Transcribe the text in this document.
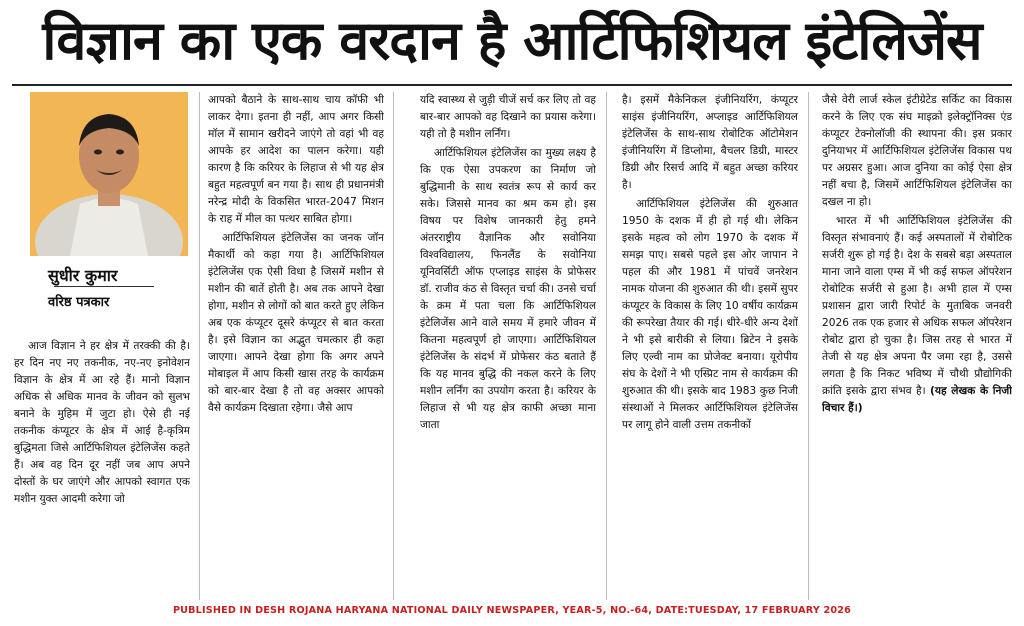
विज्ञान का एक वरदान है आर्टिफिशियल इंटेलिजेंस
सुधीर कुमार
वरिष्ठ पत्रकार

आज विज्ञान ने हर क्षेत्र में तरक्की की है। हर दिन नए नए तकनीक, नए-नए इनोवेशन विज्ञान के क्षेत्र में आ रहे हैं। मानो विज्ञान अधिक से अधिक मानव के जीवन को सुलभ बनाने के मुहिम में जुटा हो। ऐसे ही नई तकनीक कंप्यूटर के क्षेत्र में आई है-कृत्रिम बुद्धिमता जिसे आर्टिफिशियल इंटेलिजेंस कहते हैं। अब वह दिन दूर नहीं जब आप अपने दोस्तों के घर जाएंगे और आपको स्वागत एक मशीन युक्त आदमी करेगा जो

आपको बैठाने के साथ-साथ चाय कॉफी भी लाकर देगा। इतना ही नहीं, आप अगर किसी मॉल में सामान खरीदने जाएंगे तो वहां भी वह आपके हर आदेश का पालन करेगा। यही कारण है कि करियर के लिहाज से भी यह क्षेत्र बहुत महत्वपूर्ण बन गया है। साथ ही प्रधानमंत्री नरेन्द्र मोदी के विकसित भारत-2047 मिशन के राह में मील का पत्थर साबित होगा।

आर्टिफिशियल इंटेलिजेंस का जनक जॉन मैकार्थी को कहा गया है। आर्टिफिशियल इंटेलिजेंस एक ऐसी विधा है जिसमें मशीन से मशीन की बातें होती है। अब तक आपने देखा होगा, मशीन से लोगों को बात करते हुए लेकिन अब एक कंप्यूटर दूसरे कंप्यूटर से बात करता है। इसे विज्ञान का अद्भुत चमत्कार ही कहा जाएगा। आपने देखा होगा कि अगर अपने मोबाइल में आप किसी खास तरह के कार्यक्रम को बार-बार देखा है तो वह अक्सर आपको वैसे कार्यक्रम दिखाता रहेगा। जैसे आप

यदि स्वास्थ्य से जुड़ी चीजें सर्च कर लिए तो वह बार-बार आपको वह दिखाने का प्रयास करेगा। यही तो है मशीन लर्निंग।

आर्टिफिशियल इंटेलिजेंस का मुख्य लक्ष्य है कि एक ऐसा उपकरण का निर्माण जो बुद्धिमानी के साथ स्वतंत्र रूप से कार्य कर सके। जिससे मानव का श्रम कम हो। इस विषय पर विशेष जानकारी हेतु हमने अंतरराष्ट्रीय वैज्ञानिक और सवोनिया विश्वविद्यालय, फिनलैंड के सवोनिया यूनिवर्सिटी ऑफ एप्लाइड साइंस के प्रोफेसर डॉ. राजीव कंठ से विस्तृत चर्चा की। उनसे चर्चा के क्रम में पता चला कि आर्टिफिशियल इंटेलिजेंस आने वाले समय में हमारे जीवन में कितना महत्वपूर्ण हो जाएगा। आर्टिफिशियल इंटेलिजेंस के संदर्भ में प्रोफेसर कंठ बताते हैं कि यह मानव बुद्धि की नकल करने के लिए मशीन लर्निंग का उपयोग करता है। करियर के लिहाज से भी यह क्षेत्र काफी अच्छा माना जाता

है। इसमें मैकेनिकल इंजीनियरिंग, कंप्यूटर साइंस इंजीनियरिंग, अप्लाइड आर्टिफिशियल इंटेलिजेंस के साथ-साथ रोबोटिक ऑटोमेशन इंजीनियरिंग में डिप्लोमा, बैचलर डिग्री, मास्टर डिग्री और रिसर्च आदि में बहुत अच्छा करियर है।

आर्टिफिशियल इंटेलिजेंस की शुरुआत 1950 के दशक में ही हो गई थी। लेकिन इसके महत्व को लोग 1970 के दशक में समझ पाए। सबसे पहले इस ओर जापान ने पहल की और 1981 में पांचवें जनरेशन नामक योजना की शुरुआत की थी। इसमें सुपर कंप्यूटर के विकास के लिए 10 वर्षीय कार्यक्रम की रूपरेखा तैयार की गई। धीरे-धीरे अन्य देशों ने भी इसे बारीकी से लिया। ब्रिटेन ने इसके लिए एल्वी नाम का प्रोजेक्ट बनाया। यूरोपीय संघ के देशों ने भी एस्प्रिट नाम से कार्यक्रम की शुरुआत की थी। इसके बाद 1983 कुछ निजी संस्थाओं ने मिलकर आर्टिफिशियल इंटेलिजेंस पर लागू होने वाली उत्तम तकनीकों

जैसे वेरी लार्ज स्केल इंटीग्रेटेड सर्किट का विकास करने के लिए एक संघ माइक्रो इलेक्ट्रॉनिक्स एंड कंप्यूटर टेक्नोलॉजी की स्थापना की। इस प्रकार दुनियाभर में आर्टिफिशियल इंटेलिजेंस विकास पथ पर अग्रसर हुआ। आज दुनिया का कोई ऐसा क्षेत्र नहीं बचा है, जिसमें आर्टिफिशियल इंटेलिजेंस का दखल ना हो।

भारत में भी आर्टिफिशियल इंटेलिजेंस की विस्तृत संभावनाएं हैं। कई अस्पतालों में रोबोटिक सर्जरी शुरू हो गई है। देश के सबसे बड़ा अस्पताल माना जाने वाला एम्स में भी कई सफल ऑपरेशन रोबोटिक सर्जरी से हुआ है। अभी हाल में एम्स प्रशासन द्वारा जारी रिपोर्ट के मुताबिक जनवरी 2026 तक एक हजार से अधिक सफल ऑपरेशन रोबोट द्वारा हो चुका है। जिस तरह से भारत में तेजी से यह क्षेत्र अपना पैर जमा रहा है, उससे लगता है कि निकट भविष्य में चौथी प्रौद्योगिकी क्रांति इसके द्वारा संभव है। (यह लेखक के निजी विचार हैं।)

PUBLISHED IN DESH ROJANA HARYANA NATIONAL DAILY NEWSPAPER, YEAR-5, NO.-64, DATE:TUESDAY, 17 FEBRUARY 2026
